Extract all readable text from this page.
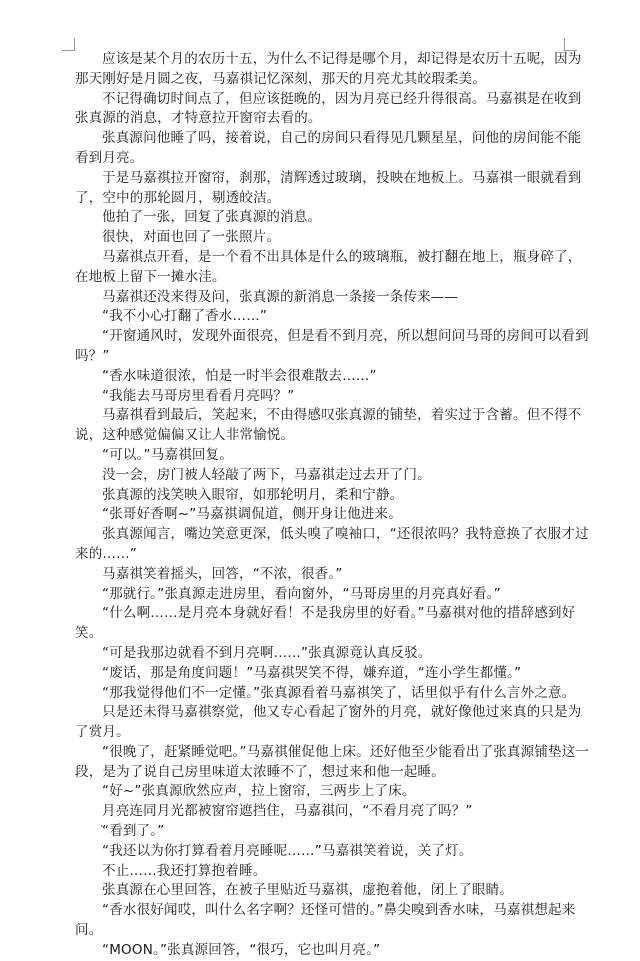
应该是某个月的农历十五，为什么不记得是哪个月，却记得是农历十五呢，因为那天刚好是月圆之夜，马嘉祺记忆深刻，那天的月亮尤其皎瑕柔美。

不记得确切时间点了，但应该挺晚的，因为月亮已经升得很高。马嘉祺是在收到张真源的消息，才特意拉开窗帘去看的。

张真源问他睡了吗，接着说，自己的房间只看得见几颗星星，问他的房间能不能看到月亮。

于是马嘉祺拉开窗帘，刹那，清辉透过玻璃，投映在地板上。马嘉祺一眼就看到了，空中的那轮圆月，剔透皎洁。

他拍了一张，回复了张真源的消息。

很快，对面也回了一张照片。

马嘉祺点开看，是一个看不出具体是什么的玻璃瓶，被打翻在地上，瓶身碎了，在地板上留下一摊水洼。

马嘉祺还没来得及问，张真源的新消息一条接一条传来——

“我不小心打翻了香水……”

“开窗通风时，发现外面很亮，但是看不到月亮，所以想问问马哥的房间可以看到吗？”

“香水味道很浓，怕是一时半会很难散去……”

“我能去马哥房里看看月亮吗？”

马嘉祺看到最后，笑起来，不由得感叹张真源的铺垫，着实过于含蓄。但不得不说，这种感觉偏偏又让人非常愉悦。

“可以。”马嘉祺回复。

没一会，房门被人轻敲了两下，马嘉祺走过去开了门。

张真源的浅笑映入眼帘，如那轮明月，柔和宁静。

“张哥好香啊~”马嘉祺调侃道，侧开身让他进来。

张真源闻言，嘴边笑意更深，低头嗅了嗅袖口，“还很浓吗？我特意换了衣服才过来的……”

马嘉祺笑着摇头，回答，“不浓，很香。”

“那就行。”张真源走进房里，看向窗外，“马哥房里的月亮真好看。”

“什么啊……是月亮本身就好看！不是我房里的好看。”马嘉祺对他的措辞感到好笑。

“可是我那边就看不到月亮啊……”张真源竟认真反驳。

“废话，那是角度问题！”马嘉祺哭笑不得，嫌弃道，“连小学生都懂。”

“那我觉得他们不一定懂。”张真源看着马嘉祺笑了，话里似乎有什么言外之意。

只是还未得马嘉祺察觉，他又专心看起了窗外的月亮，就好像他过来真的只是为了赏月。

“很晚了，赶紧睡觉吧。”马嘉祺催促他上床。还好他至少能看出了张真源铺垫这一段，是为了说自己房里味道太浓睡不了，想过来和他一起睡。

“好~”张真源欣然应声，拉上窗帘，三两步上了床。

月亮连同月光都被窗帘遮挡住，马嘉祺问，“不看月亮了吗？”

“看到了。”

“我还以为你打算看着月亮睡呢……”马嘉祺笑着说，关了灯。

不止……我还打算抱着睡。

张真源在心里回答，在被子里贴近马嘉祺，虚抱着他，闭上了眼睛。

“香水很好闻哎，叫什么名字啊？还怪可惜的。”鼻尖嗅到香水味，马嘉祺想起来问。

“MOON。”张真源回答，“很巧，它也叫月亮。”

.
